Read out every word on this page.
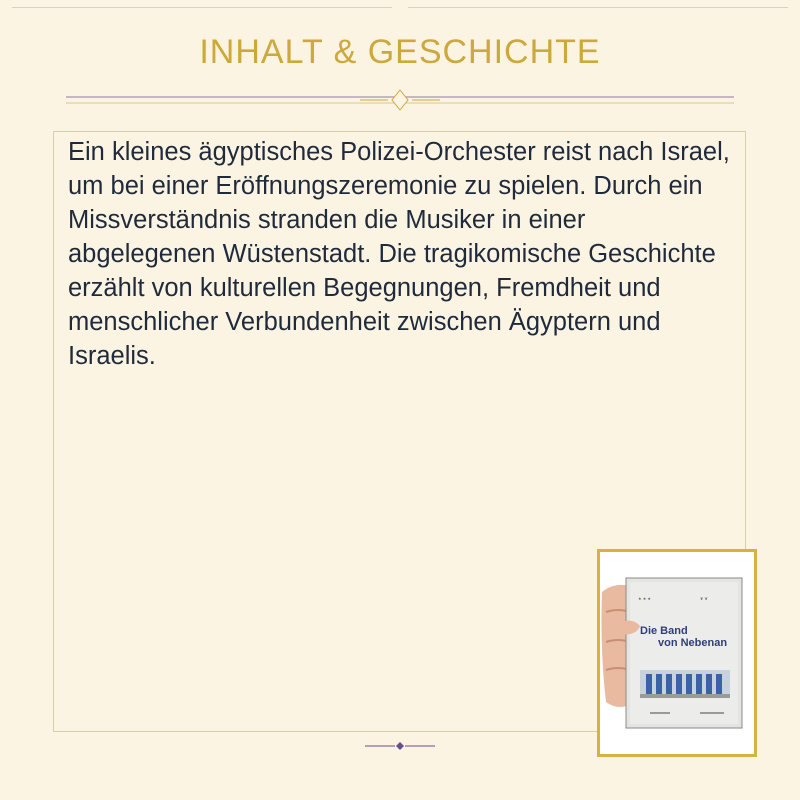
INHALT & GESCHICHTE

Ein kleines ägyptisches Polizei-Orchester reist nach Israel, um bei einer Eröffnungszeremonie zu spielen. Durch ein Missverständnis stranden die Musiker in einer abgelegenen Wüstenstadt. Die tragikomische Geschichte erzählt von kulturellen Begegnungen, Fremdheit und menschlicher Verbundenheit zwischen Ägyptern und Israelis.

★ ★ ★	❦ ❦
Die Band
von Nebenan
